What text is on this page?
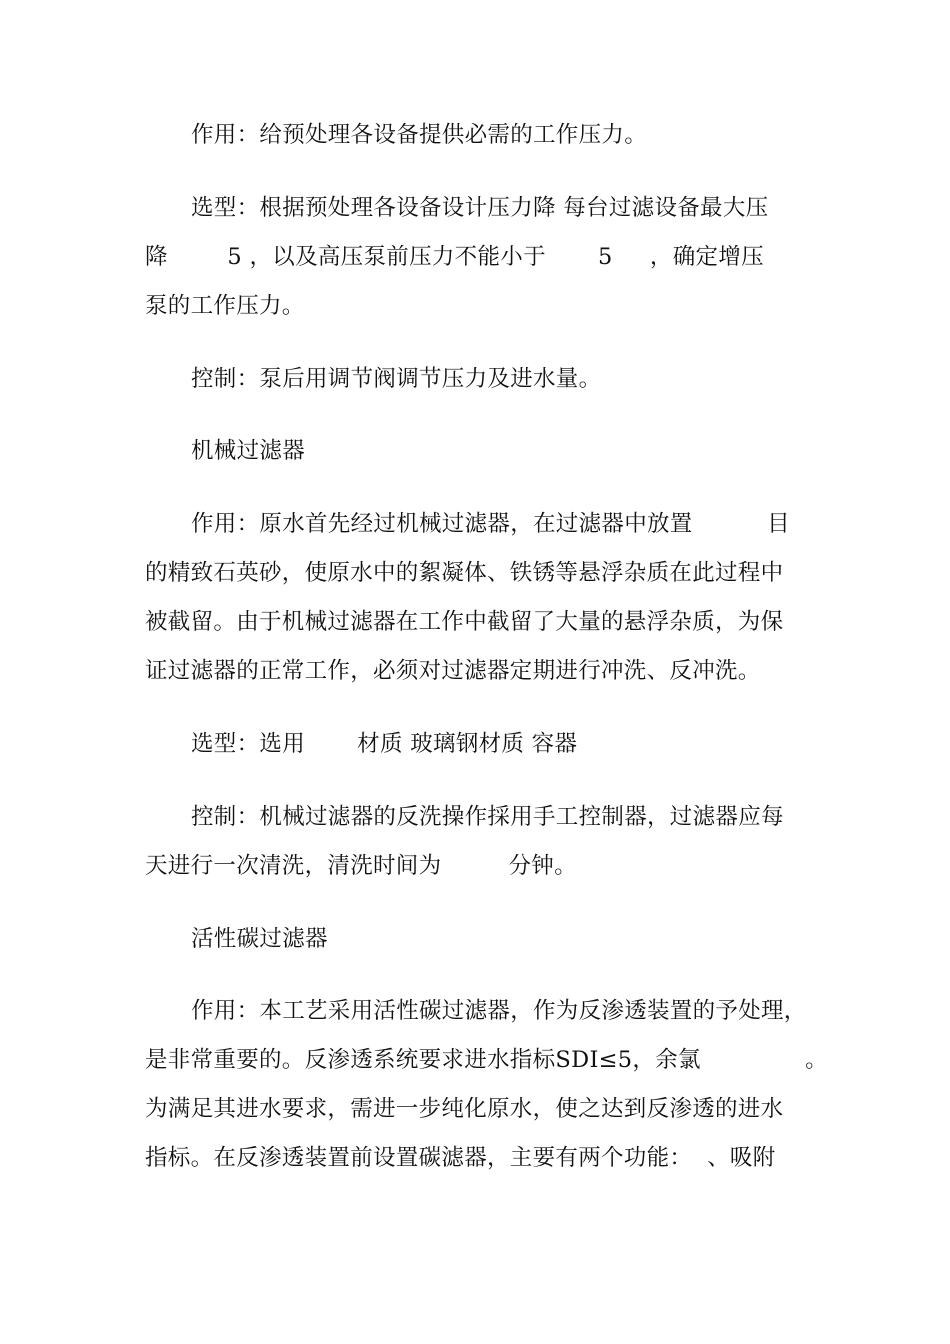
作用：给预处理各设备提供必需的工作压力。
选型：根据预处理各设备设计压力降 每台过滤设备最大压
降        5 ，以及高压泵前压力不能小于       5     ，确定增压
泵的工作压力。
控制：泵后用调节阀调节压力及进水量。
机械过滤器
作用：原水首先经过机械过滤器，在过滤器中放置          目
的精致石英砂，使原水中的絮凝体、铁锈等悬浮杂质在此过程中
被截留。由于机械过滤器在工作中截留了大量的悬浮杂质，为保
证过滤器的正常工作，必须对过滤器定期进行冲洗、反冲洗。
选型：选用       材质 玻璃钢材质 容器
控制：机械过滤器的反洗操作採用手工控制器，过滤器应每
天进行一次清洗，清洗时间为         分钟。
活性碳过滤器
作用：本工艺采用活性碳过滤器，作为反渗透装置的予处理，
是非常重要的。反渗透系统要求进水指标SDI≤5，余氯              。
为满足其进水要求，需进一步纯化原水，使之达到反渗透的进水
指标。在反渗透装置前设置碳滤器，主要有两个功能：  、吸附
